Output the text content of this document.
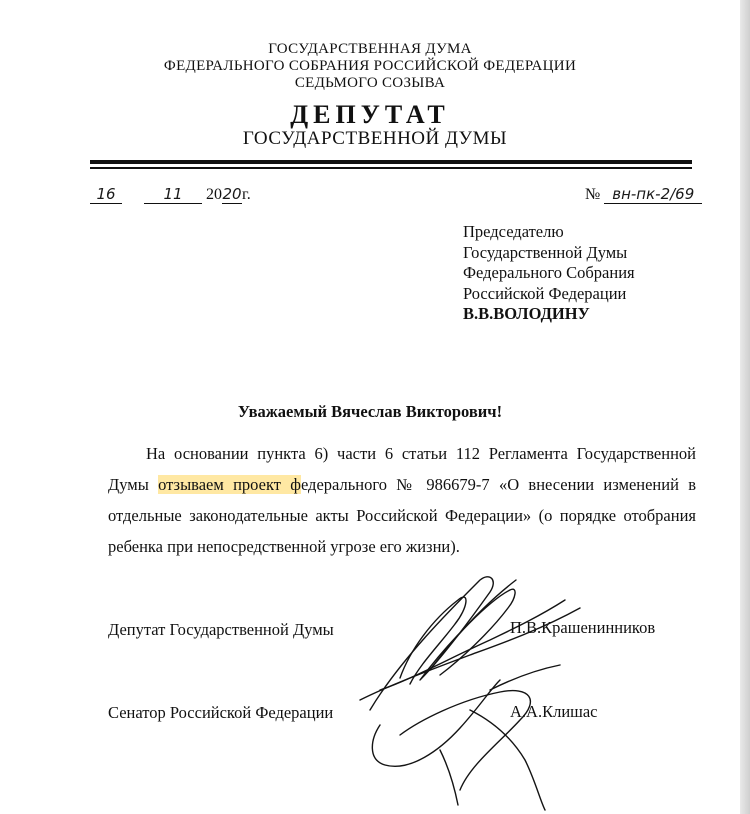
ГОСУДАРСТВЕННАЯ ДУМА
ФЕДЕРАЛЬНОГО СОБРАНИЯ РОССИЙСКОЙ ФЕДЕРАЦИИ
СЕДЬМОГО СОЗЫВА
ДЕПУТАТ
ГОСУДАРСТВЕННОЙ ДУМЫ
16	11 2020г.	№ вн-пк-2/69
Председателю
Государственной Думы
Федерального Собрания
Российской Федерации
В.В.ВОЛОДИНУ
Уважаемый Вячеслав Викторович!

На основании пункта 6) части 6 статьи 112 Регламента Государственной Думы отзываем проект федерального № 986679-7 «О внесении изменений в отдельные законодательные акты Российской Федерации» (о порядке отобрания ребенка при непосредственной угрозе его жизни).

Депутат Государственной Думы	П.В.Крашенинников
Сенатор Российской Федерации	А.А.Клишас
